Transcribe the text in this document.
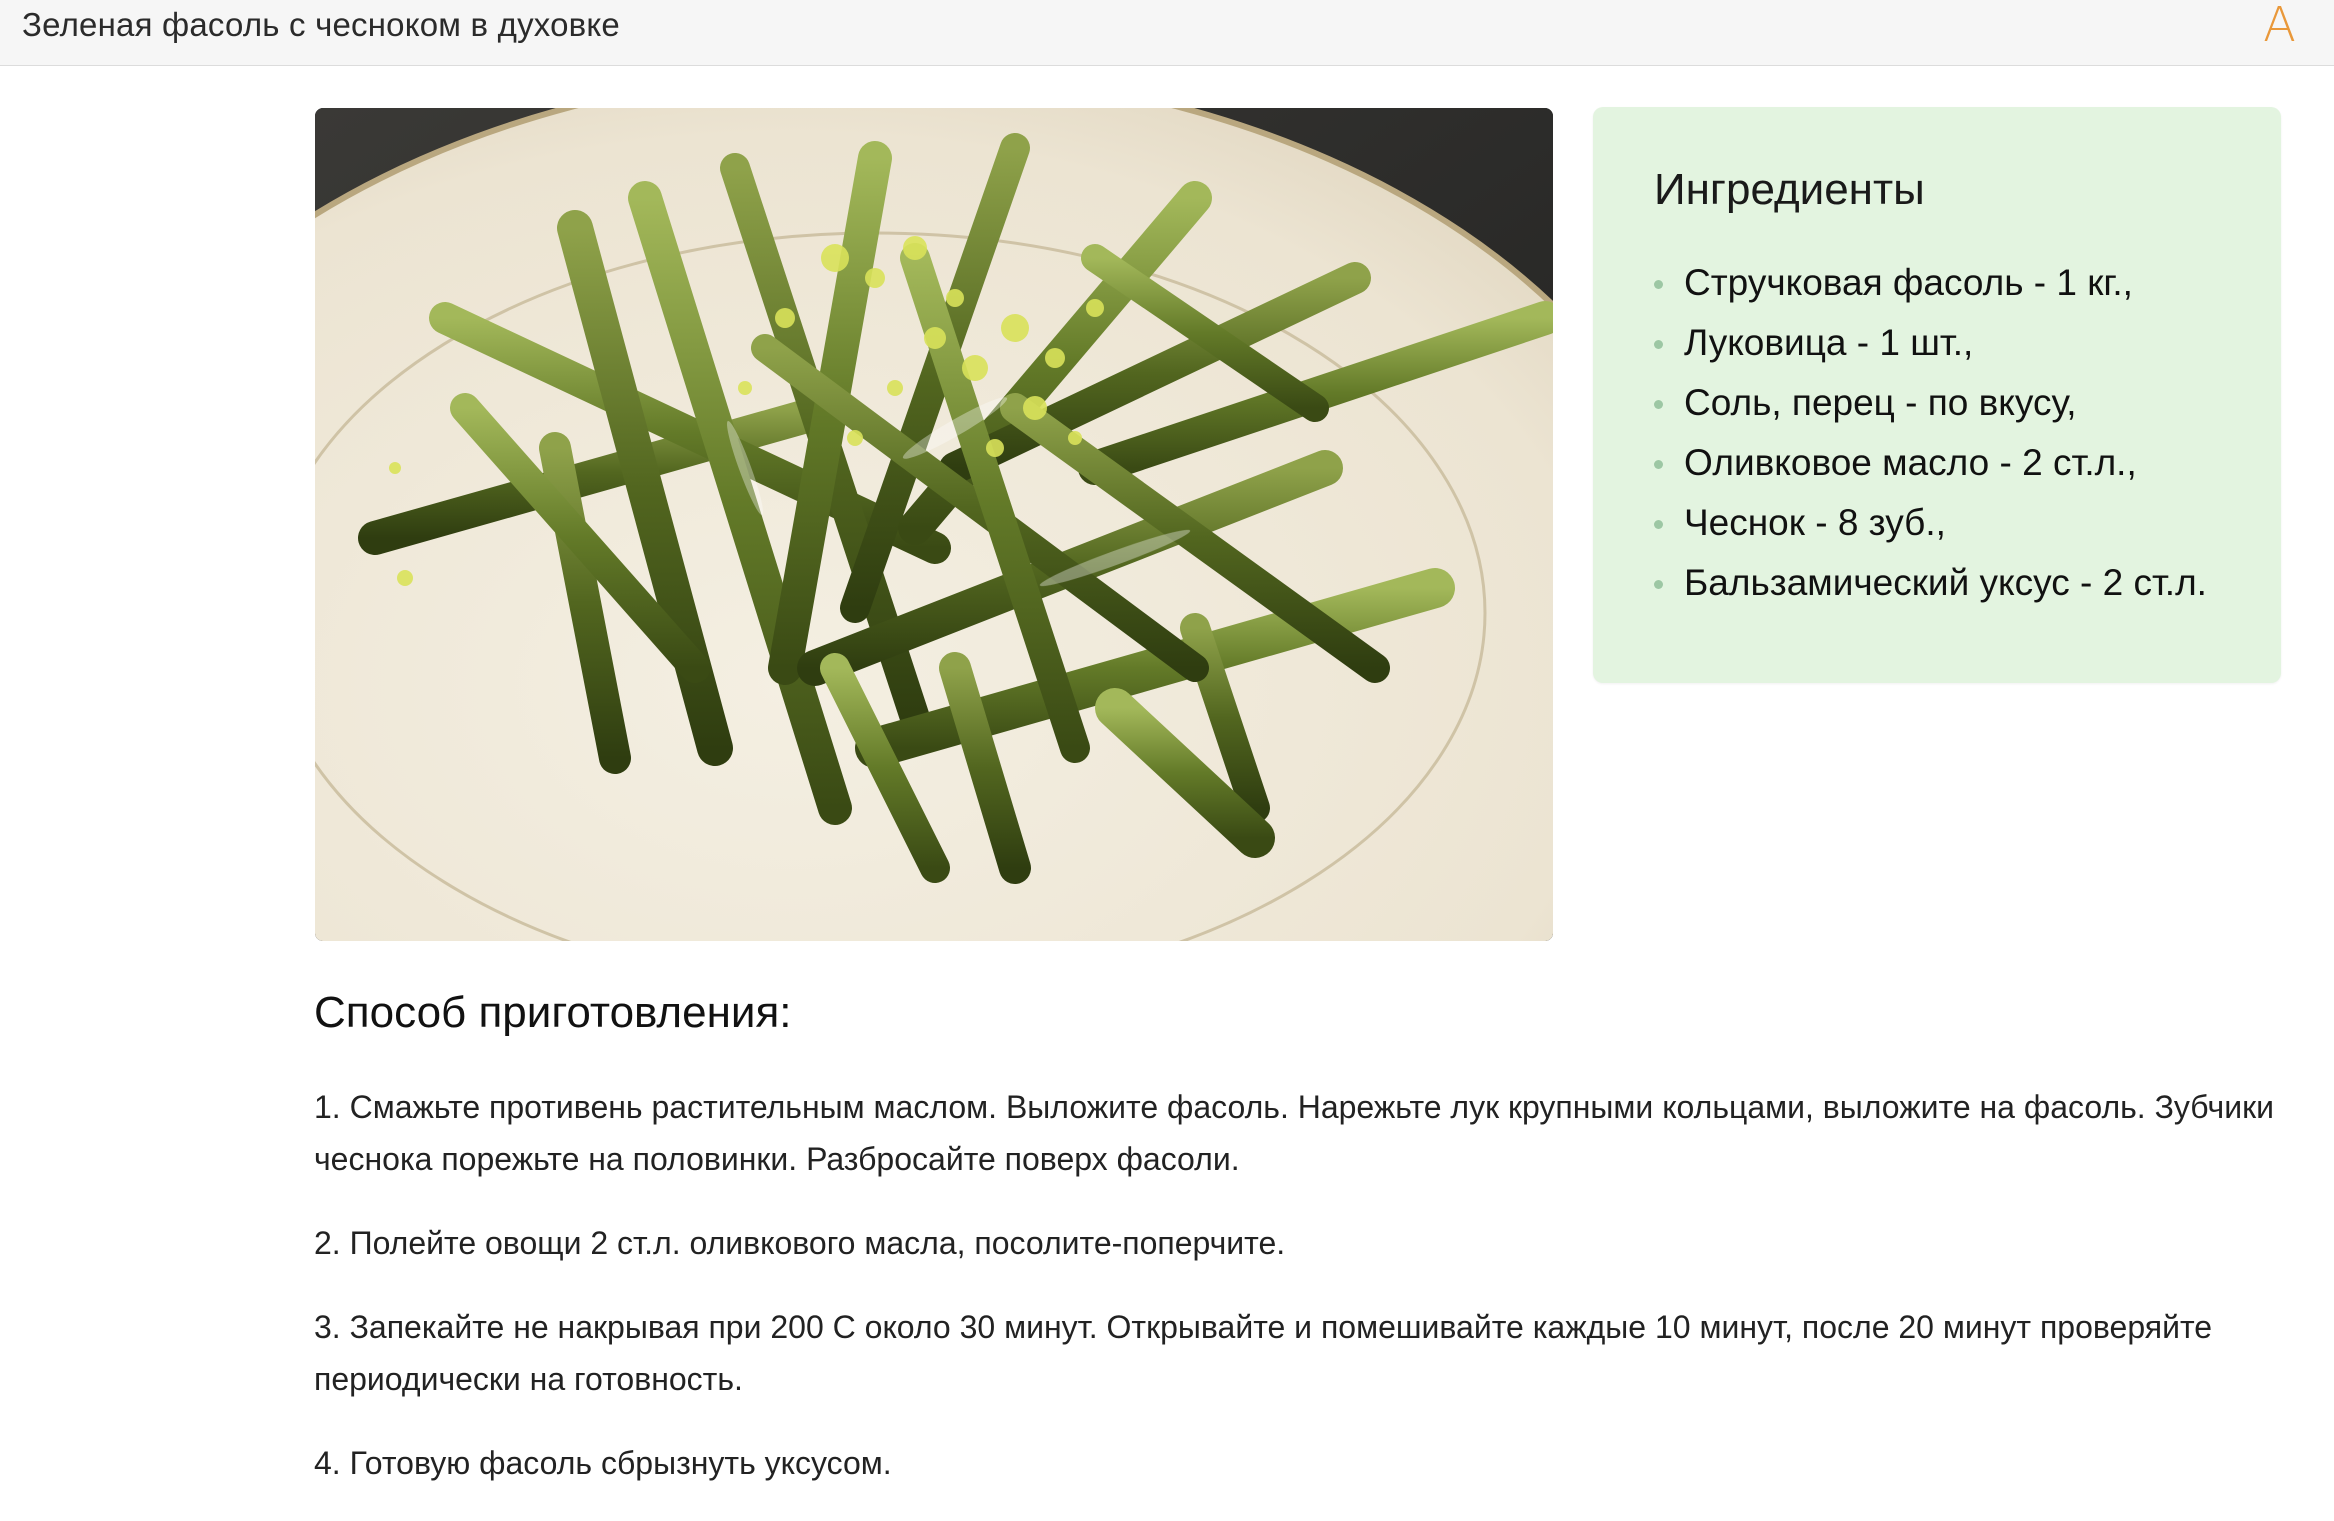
Зеленая фасоль с чесноком в духовке	A
Ингредиенты
Стручковая фасоль - 1 кг.,
Луковица - 1 шт.,
Соль, перец - по вкусу,
Оливковое масло - 2 ст.л.,
Чеснок - 8 зуб.,
Бальзамический уксус - 2 ст.л.
Способ приготовления:

1. Смажьте противень растительным маслом. Выложите фасоль. Нарежьте лук крупными кольцами, выложите на фасоль. Зубчики чеснока порежьте на половинки. Разбросайте поверх фасоли.

2. Полейте овощи 2 ст.л. оливкового масла, посолите-поперчите.

3. Запекайте не накрывая при 200 С около 30 минут. Открывайте и помешивайте каждые 10 минут, после 20 минут проверяйте периодически на готовность.

4. Готовую фасоль сбрызнуть уксусом.
